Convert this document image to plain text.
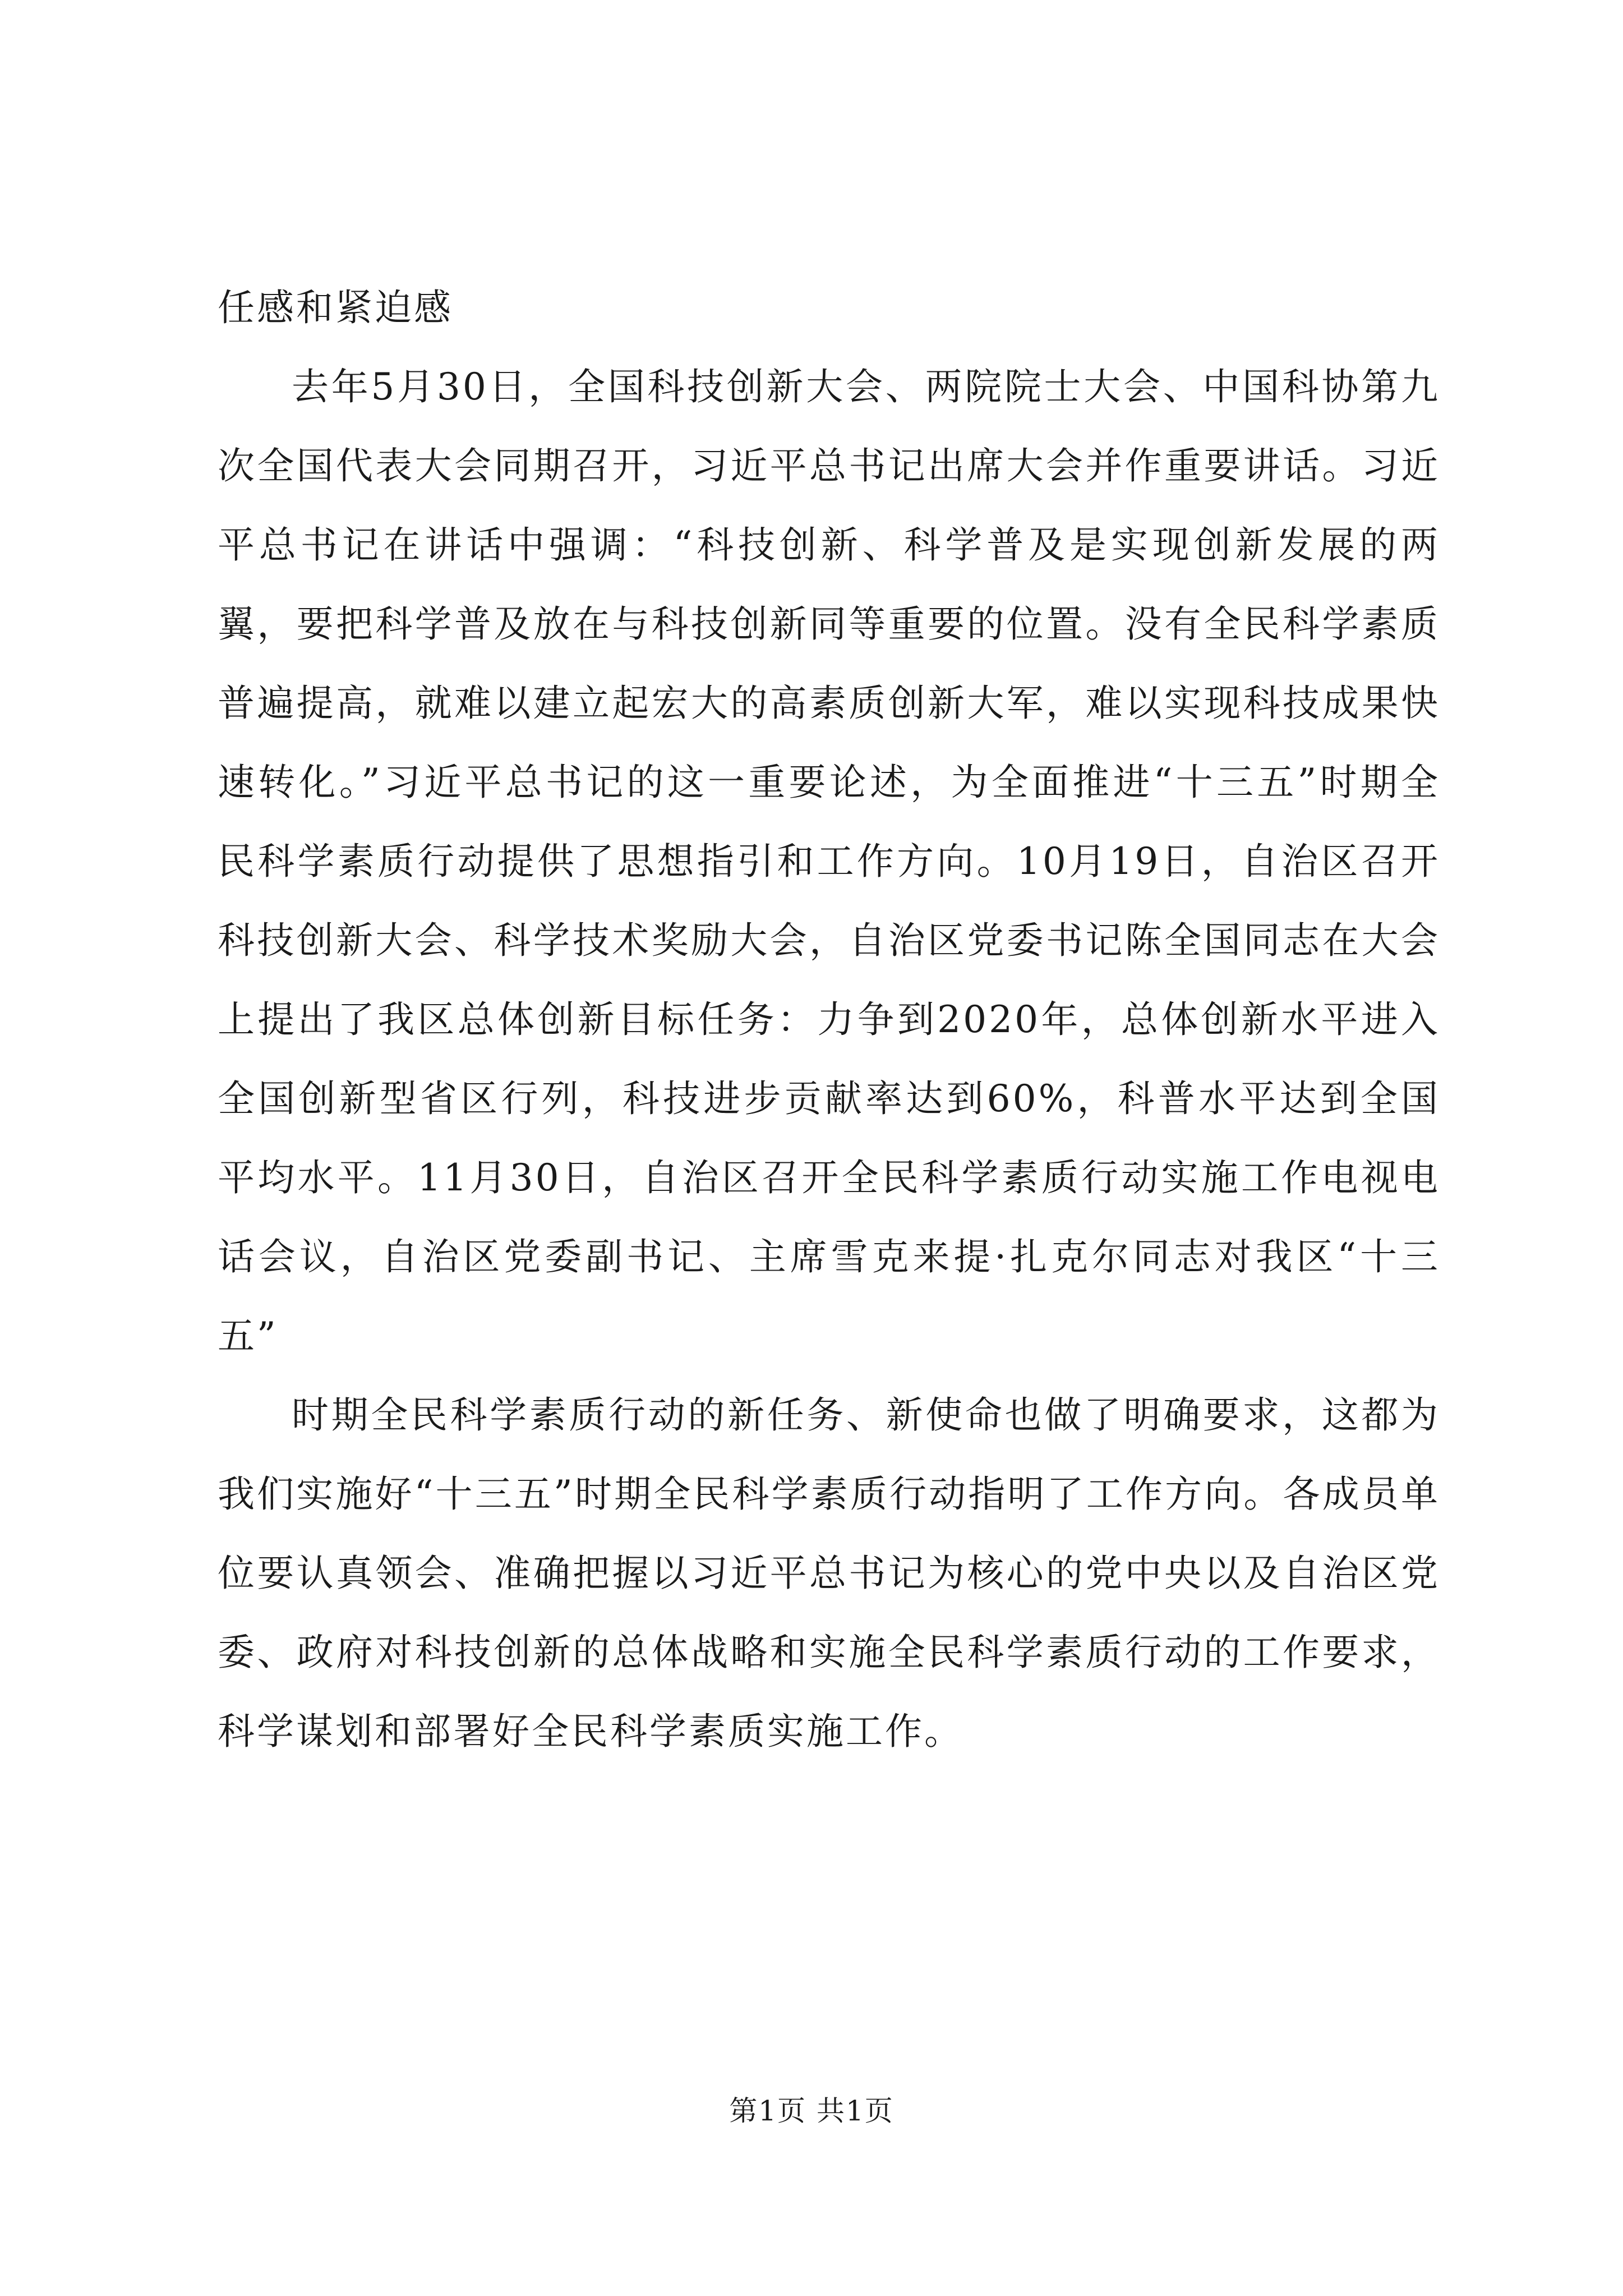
任感和紧迫感

去年5月30日，全国科技创新大会、两院院士大会、中国科协第九次全国代表大会同期召开，习近平总书记出席大会并作重要讲话。习近平总书记在讲话中强调：“科技创新、科学普及是实现创新发展的两翼，要把科学普及放在与科技创新同等重要的位置。没有全民科学素质普遍提高，就难以建立起宏大的高素质创新大军，难以实现科技成果快速转化。”习近平总书记的这一重要论述，为全面推进“十三五”时期全民科学素质行动提供了思想指引和工作方向。10月19日，自治区召开科技创新大会、科学技术奖励大会，自治区党委书记陈全国同志在大会上提出了我区总体创新目标任务：力争到2020年，总体创新水平进入全国创新型省区行列，科技进步贡献率达到60%，科普水平达到全国平均水平。11月30日，自治区召开全民科学素质行动实施工作电视电话会议，自治区党委副书记、主席雪克来提·扎克尔同志对我区“十三五”

时期全民科学素质行动的新任务、新使命也做了明确要求，这都为我们实施好“十三五”时期全民科学素质行动指明了工作方向。各成员单位要认真领会、准确把握以习近平总书记为核心的党中央以及自治区党委、政府对科技创新的总体战略和实施全民科学素质行动的工作要求，科学谋划和部署好全民科学素质实施工作。

第1页 共1页
